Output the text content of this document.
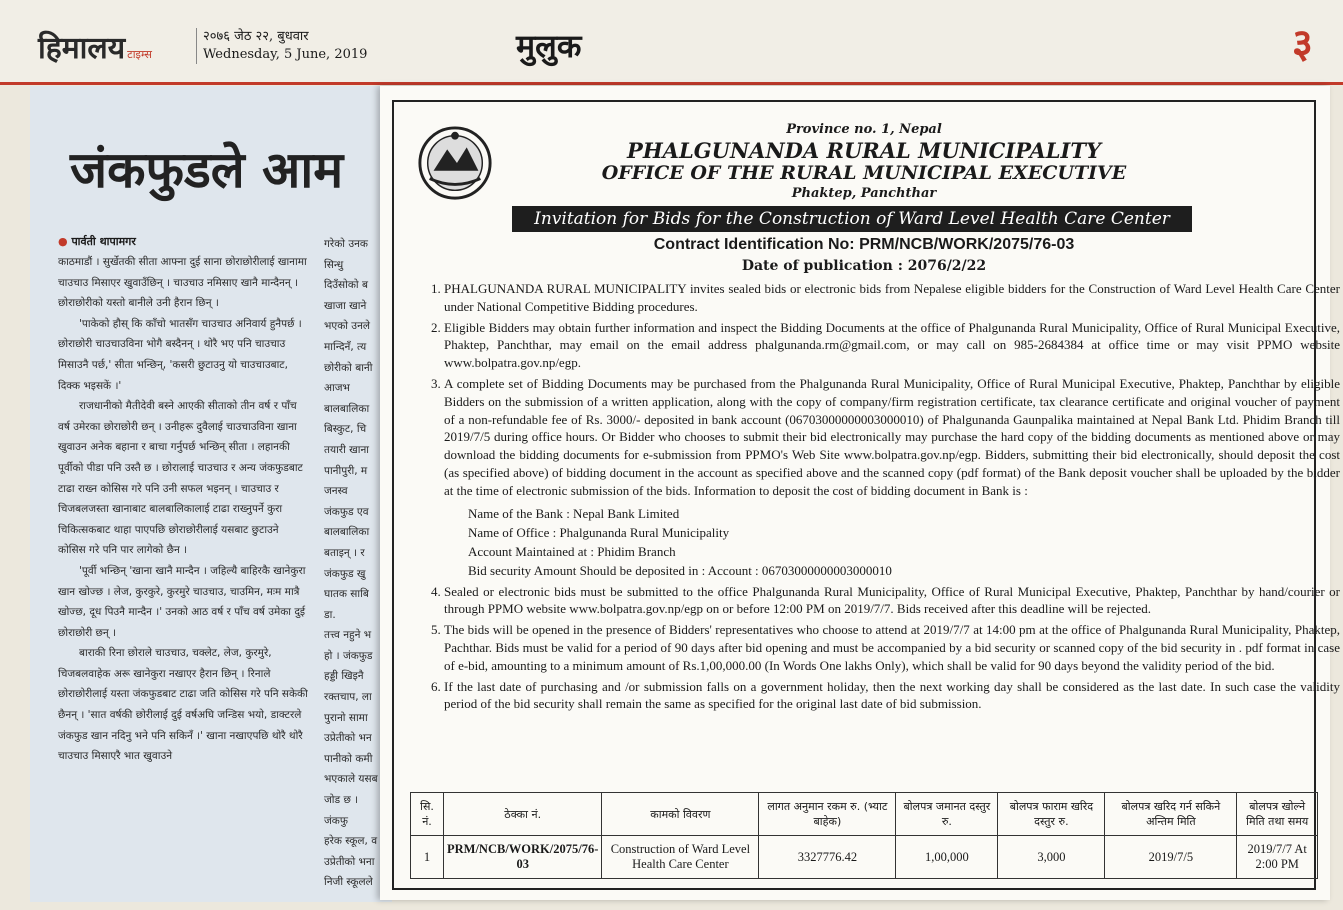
हिमालय टाइम्स
२०७६ जेठ २२, बुधवार
Wednesday, 5 June, 2019	मुलुक	३
जंकफुडले आम
● पार्वती थापामगर

काठमाडौं । सुर्खेतकी सीता आफ्ना दुई साना छोराछोरीलाई खानामा चाउचाउ मिसाएर खुवाउँछिन् । चाउचाउ नमिसाए खानै मान्दैनन् । छोराछोरीको यस्तो बानीले उनी हैरान छिन् ।

'पाकेको हाैस् कि काँचो भातसँग चाउचाउ अनिवार्य हुनैपर्छ । छोराछोरी चाउचाउविना भोगै बस्दैनन् । थोरै भए पनि चाउचाउ मिसाउनै पर्छ,' सीता भन्छिन्, 'कसरी छुटाउनु यो चाउचाउबाट, दिक्क भइसकें ।'

राजधानीको मैतीदेवी बस्ने आएकी सीताको तीन वर्ष र पाँच वर्ष उमेरका छोराछोरी छन् । उनीहरू दुवैलाई चाउचाउविना खाना खुवाउन अनेक बहाना र बाचा गर्नुपर्छ भन्छिन् सीता । लहानकी पूर्वीको पीडा पनि उस्तै छ । छोरालाई चाउचाउ र अन्य जंकफुडबाट टाढा राख्न कोसिस गरे पनि उनी सफल भइनन् । चाउचाउ र चिजबलजस्ता खानाबाट बालबालिकालाई टाढा राख्नुपर्ने कुरा चिकित्सकबाट थाहा पाएपछि छोराछोरीलाई यसबाट छुटाउने कोसिस गरे पनि पार लागेको छैन ।

'पूर्वी भन्छिन् 'खाना खानै मान्दैन । जहिल्यै बाहिरकै खानेकुरा खान खोज्छ । लेज, कुरकुरे, कुरमुरे चाउचाउ, चाउमिन, मःम मात्रै खोज्छ, दूध पिउनै मान्दैन ।' उनको आठ वर्ष र पाँच वर्ष उमेका दुई छोराछोरी छन् ।

बाराकी रिना छोराले चाउचाउ, चक्लेट, लेज, कुरमुरे, चिजबलवाहेक अरू खानेकुरा नखाएर हैरान छिन् । रिनाले छोराछोरीलाई यस्ता जंकफुडबाट टाढा जति कोसिस गरे पनि सकेकी छैनन् । 'सात वर्षकी छोरीलाई दुई वर्षअघि जन्डिस भयो, डाक्टरले जंकफुड खान नदिनु भने पनि सकिनँ ।' खाना नखाएपछि थोरै थोरै चाउचाउ मिसाएरै भात खुवाउने

गरेको उनक
सिन्धु
दिउँसोको ब
खाजा खाने
भएको उनले
मान्दिनँ, त्य
छोरीको बानी
आजभ
बालबालिका
बिस्कुट, चि
तयारी खाना
पानीपुरी, म
जनस्व
जंकफुड एव
बालबालिका
बताइन् । र
जंकफुड खु
घातक साबि
डा.
तत्त्व नहुने भ
हो । जंकफुड
हड्डी खिइनै
रक्तचाप, ला
पुरानो सामा
उप्रेतीको भन
पानीको कमी
भएकाले यसब
जोड छ ।
जंकफु
हरेक स्कूल, व
उप्रेतीको भना
निजी स्कूलले
Province no. 1, Nepal
PHALGUNANDA RURAL MUNICIPALITY
OFFICE OF THE RURAL MUNICIPAL EXECUTIVE
Phaktep, Panchthar
Invitation for Bids for the Construction of Ward Level Health Care Center
Contract Identification No: PRM/NCB/WORK/2075/76-03
Date of publication : 2076/2/22
1. PHALGUNANDA RURAL MUNICIPALITY invites sealed bids or electronic bids from Nepalese eligible bidders for the Construction of Ward Level Health Care Center under National Competitive Bidding procedures.
2. Eligible Bidders may obtain further information and inspect the Bidding Documents at the office of Phalgunanda Rural Municipality, Office of Rural Municipal Executive, Phaktep, Panchthar, may email on the email address phalgunanda.rm@gmail.com, or may call on 985-2684384 at office time or may visit PPMO website www.bolpatra.gov.np/egp.
3. A complete set of Bidding Documents may be purchased from the Phalgunanda Rural Municipality, Office of Rural Municipal Executive, Phaktep, Panchthar by eligible Bidders on the submission of a written application, along with the copy of company/firm registration certificate, tax clearance certificate and original voucher of payment of a non-refundable fee of Rs. 3000/- deposited in bank account (06703000000003000010) of Phalgunanda Gaunpalika maintained at Nepal Bank Ltd. Phidim Branch till 2019/7/5 during office hours. Or Bidder who chooses to submit their bid electronically may purchase the hard copy of the bidding documents as mentioned above or may download the bidding documents for e-submission from PPMO's Web Site www.bolpatra.gov.np/egp. Bidders, submitting their bid electronically, should deposit the cost (as specified above) of bidding document in the account as specified above and the scanned copy (pdf format) of the Bank deposit voucher shall be uploaded by the bidder at the time of electronic submission of the bids. Information to deposit the cost of bidding document in Bank is :
Name of the Bank : Nepal Bank Limited
Name of Office : Phalgunanda Rural Municipality
Account Maintained at : Phidim Branch
Bid security Amount Should be deposited in : Account : 06703000000003000010
4. Sealed or electronic bids must be submitted to the office Phalgunanda Rural Municipality, Office of Rural Municipal Executive, Phaktep, Panchthar by hand/courier or through PPMO website www.bolpatra.gov.np/egp on or before 12:00 PM on 2019/7/7. Bids received after this deadline will be rejected.
5. The bids will be opened in the presence of Bidders' representatives who choose to attend at 2019/7/7 at 14:00 pm at the office of Phalgunanda Rural Municipality, Phaktep, Pachthar. Bids must be valid for a period of 90 days after bid opening and must be accompanied by a bid security or scanned copy of the bid security in . pdf format in case of e-bid, amounting to a minimum amount of Rs.1,00,000.00 (In Words One lakhs Only), which shall be valid for 90 days beyond the validity period of the bid.
6. If the last date of purchasing and /or submission falls on a government holiday, then the next working day shall be considered as the last date. In such case the validity period of the bid security shall remain the same as specified for the original last date of bid submission.
सि. नं.	ठेक्का नं.	कामको विवरण	लागत अनुमान रकम रु. (भ्याट बाहेक)	बोलपत्र जमानत दस्तुर रु.	बोलपत्र फाराम खरिद दस्तुर रु.	बोलपत्र खरिद गर्न सकिने अन्तिम मिति	बोलपत्र खोल्ने मिति तथा समय
1	PRM/NCB/WORK/2075/76-03	Construction of Ward Level Health Care Center	3327776.42	1,00,000	3,000	2019/7/5	2019/7/7 At 2:00 PM
